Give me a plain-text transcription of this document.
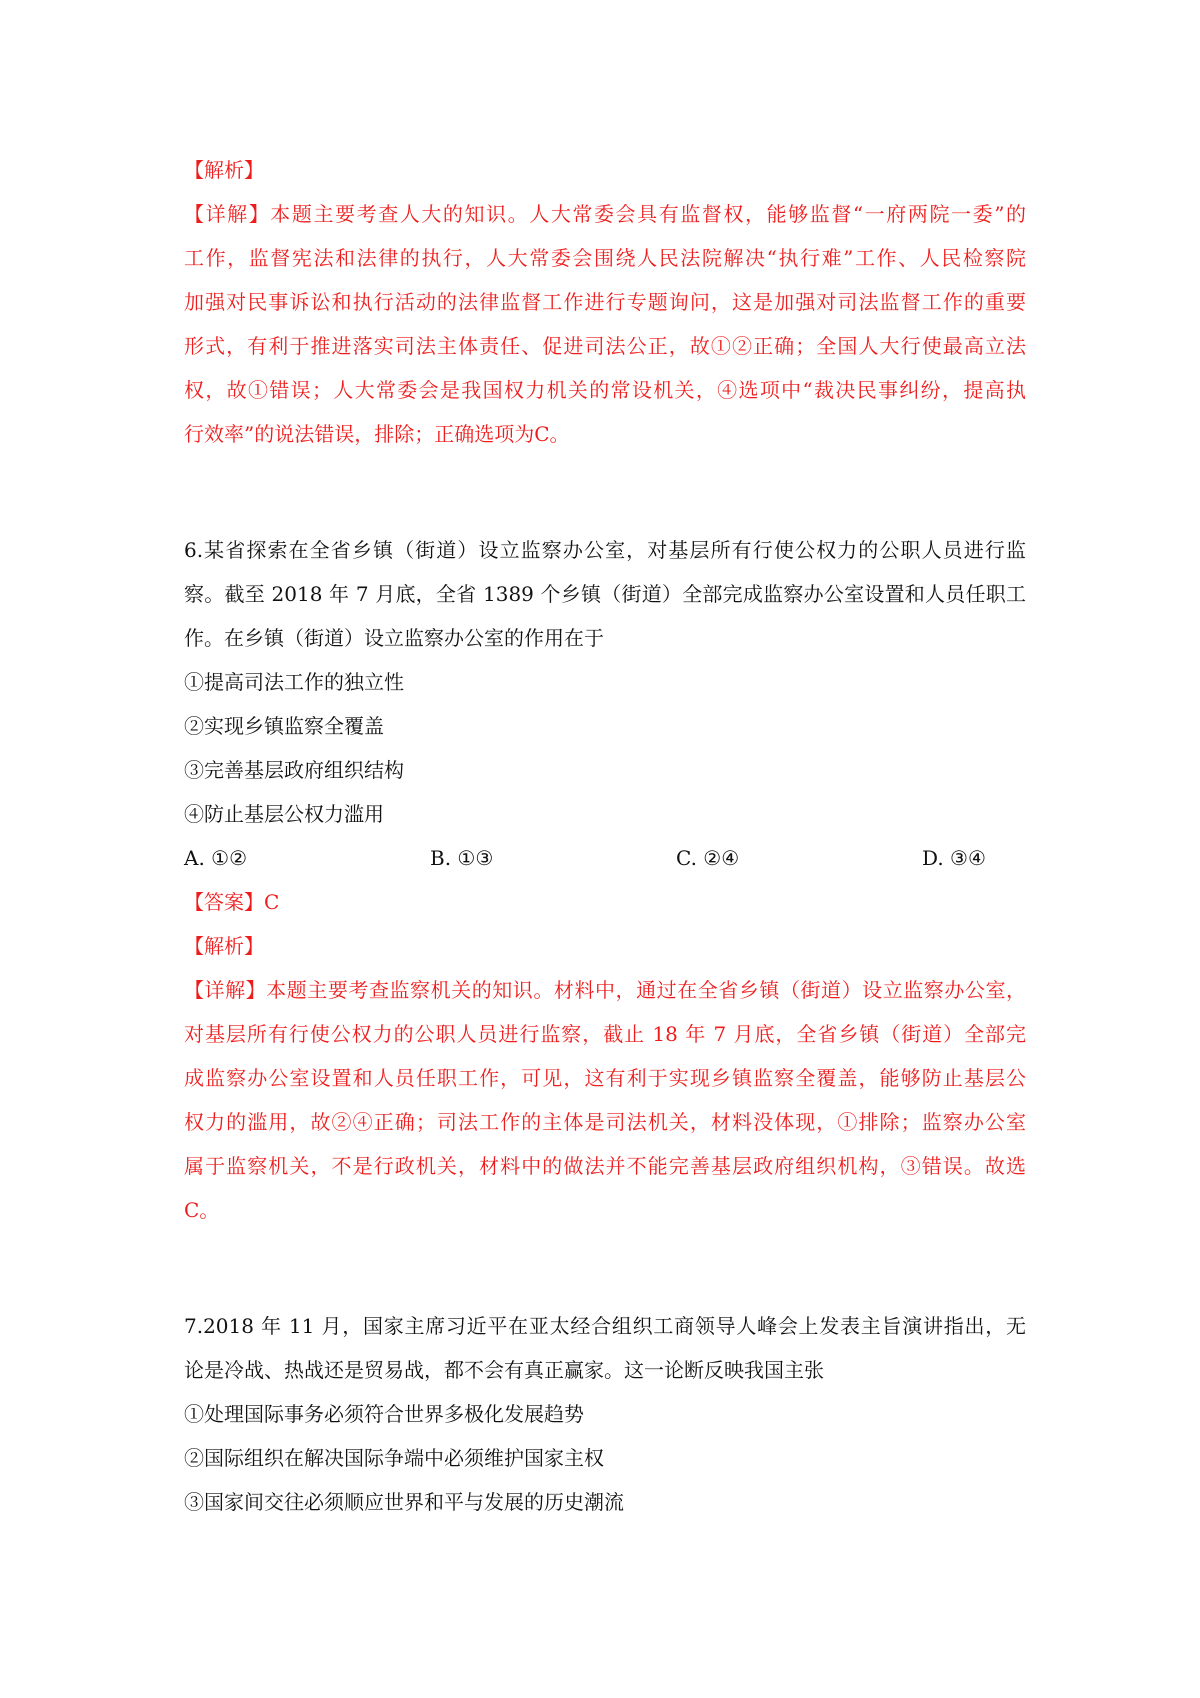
【解析】
【详解】本题主要考查人大的知识。人大常委会具有监督权，能够监督“一府两院一委”的
工作，监督宪法和法律的执行，人大常委会围绕人民法院解决“执行难”工作、人民检察院
加强对民事诉讼和执行活动的法律监督工作进行专题询问，这是加强对司法监督工作的重要
形式，有利于推进落实司法主体责任、促进司法公正，故①②正确；全国人大行使最高立法
权，故①错误；人大常委会是我国权力机关的常设机关，④选项中“裁决民事纠纷，提高执
行效率”的说法错误，排除；正确选项为C。
6.某省探索在全省乡镇（街道）设立监察办公室，对基层所有行使公权力的公职人员进行监
察。截至 2018 年 7 月底，全省 1389 个乡镇（街道）全部完成监察办公室设置和人员任职工
作。在乡镇（街道）设立监察办公室的作用在于
①提高司法工作的独立性
②实现乡镇监察全覆盖
③完善基层政府组织结构
④防止基层公权力滥用
A. ①②	B. ①③	C. ②④	D. ③④
【答案】C
【解析】
【详解】本题主要考查监察机关的知识。材料中，通过在全省乡镇（街道）设立监察办公室，
对基层所有行使公权力的公职人员进行监察，截止 18 年 7 月底，全省乡镇（街道）全部完
成监察办公室设置和人员任职工作，可见，这有利于实现乡镇监察全覆盖，能够防止基层公
权力的滥用，故②④正确；司法工作的主体是司法机关，材料没体现，①排除；监察办公室
属于监察机关，不是行政机关，材料中的做法并不能完善基层政府组织机构，③错误。故选
C。
7.2018 年 11 月，国家主席习近平在亚太经合组织工商领导人峰会上发表主旨演讲指出，无
论是冷战、热战还是贸易战，都不会有真正赢家。这一论断反映我国主张
①处理国际事务必须符合世界多极化发展趋势
②国际组织在解决国际争端中必须维护国家主权
③国家间交往必须顺应世界和平与发展的历史潮流
